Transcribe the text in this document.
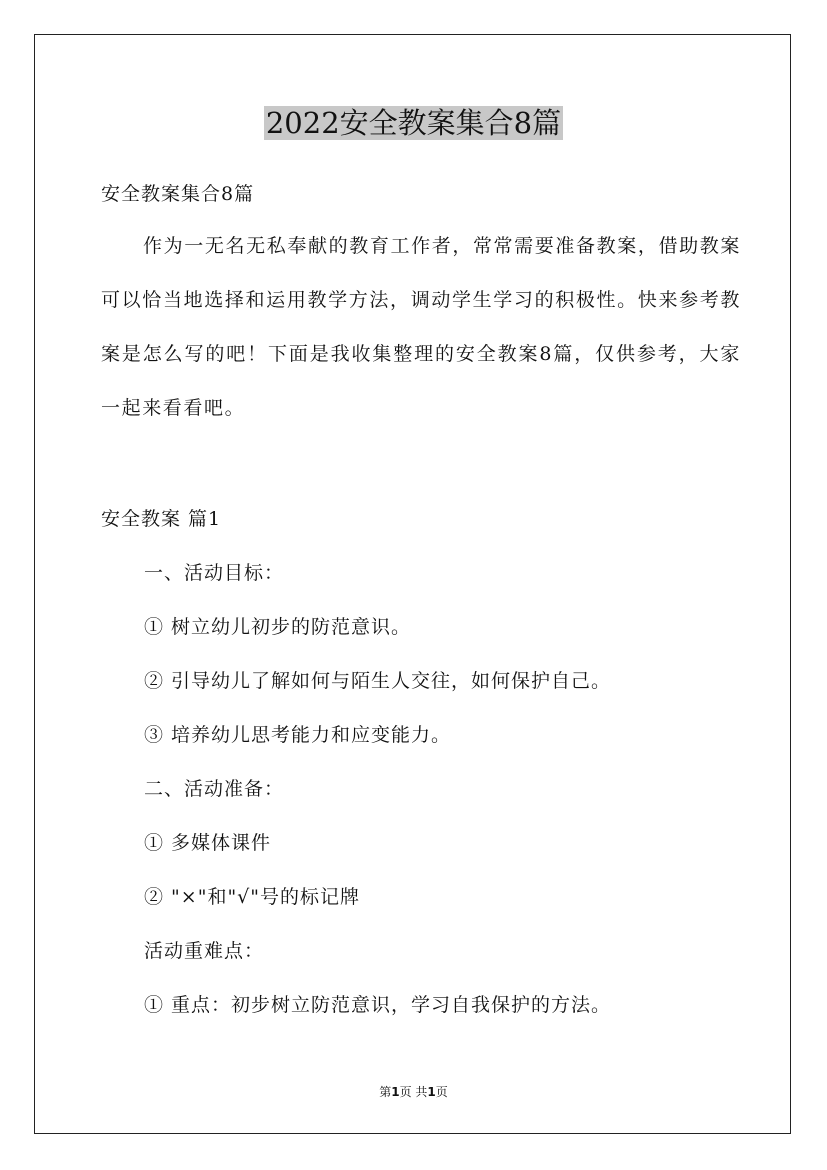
2022安全教案集合8篇
安全教案集合8篇
作为一无名无私奉献的教育工作者，常常需要准备教案，借助教案可以恰当地选择和运用教学方法，调动学生学习的积极性。快来参考教案是怎么写的吧！下面是我收集整理的安全教案8篇，仅供参考，大家一起来看看吧。
安全教案 篇1
一、活动目标：
① 树立幼儿初步的防范意识。
② 引导幼儿了解如何与陌生人交往，如何保护自己。
③ 培养幼儿思考能力和应变能力。
二、活动准备：
① 多媒体课件
② "×"和"√"号的标记牌
活动重难点：
① 重点：初步树立防范意识，学习自我保护的方法。
第1页 共1页
